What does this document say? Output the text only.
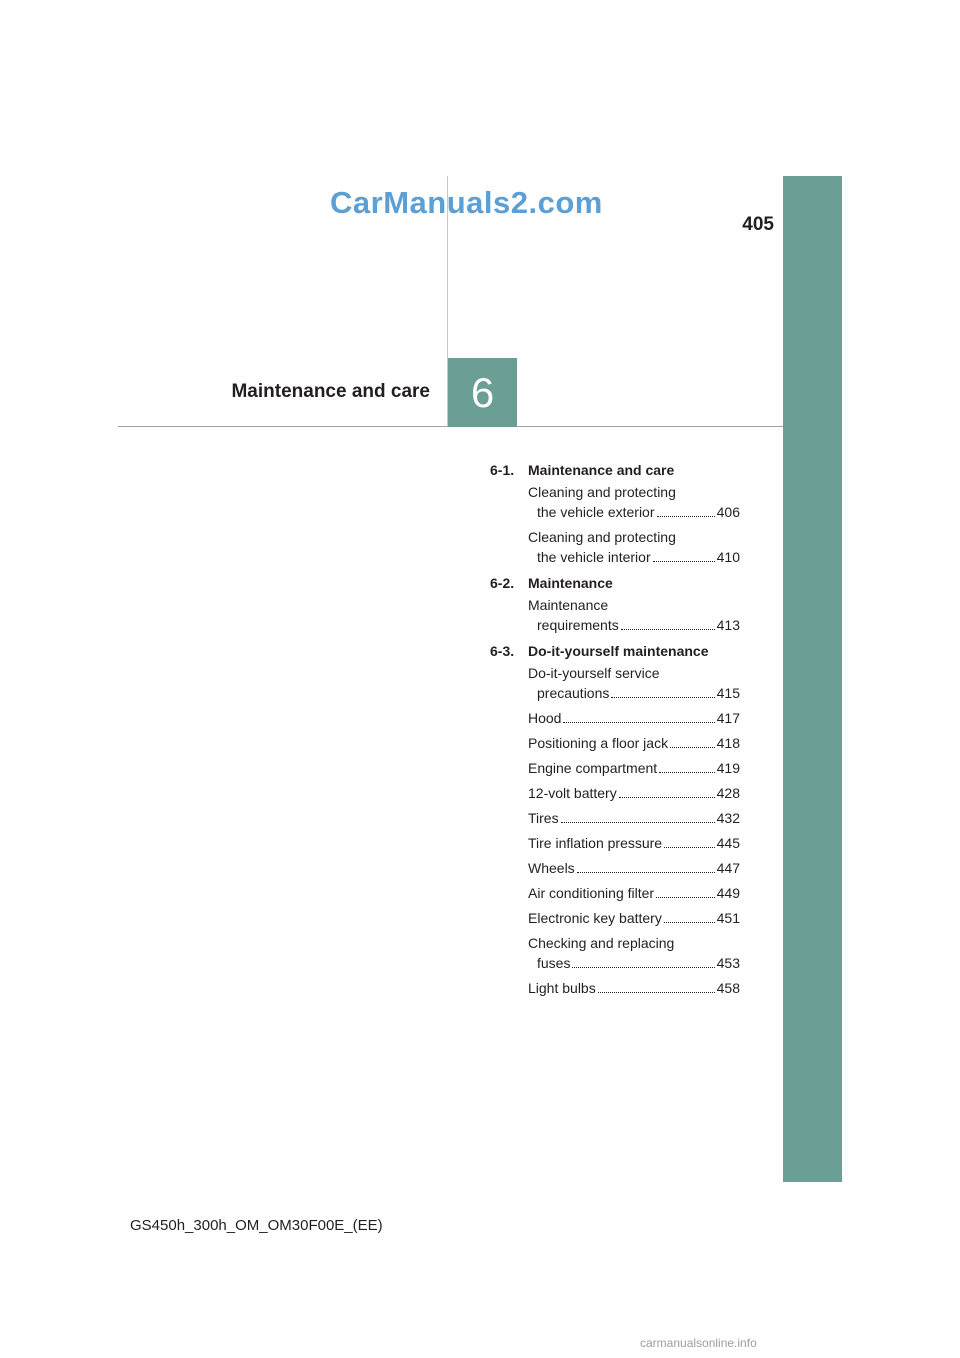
CarManuals2.com
405
Maintenance and care 6
6-1. Maintenance and care
Cleaning and protecting
the vehicle exterior	406
Cleaning and protecting
the vehicle interior	410
6-2. Maintenance
Maintenance
requirements	413
6-3. Do-it-yourself maintenance
Do-it-yourself service
precautions	415
Hood	417
Positioning a floor jack	418
Engine compartment	419
12-volt battery	428
Tires	432
Tire inflation pressure	445
Wheels	447
Air conditioning filter	449
Electronic key battery	451
Checking and replacing
fuses	453
Light bulbs	458
GS450h_300h_OM_OM30F00E_(EE)
carmanualsonline.info
